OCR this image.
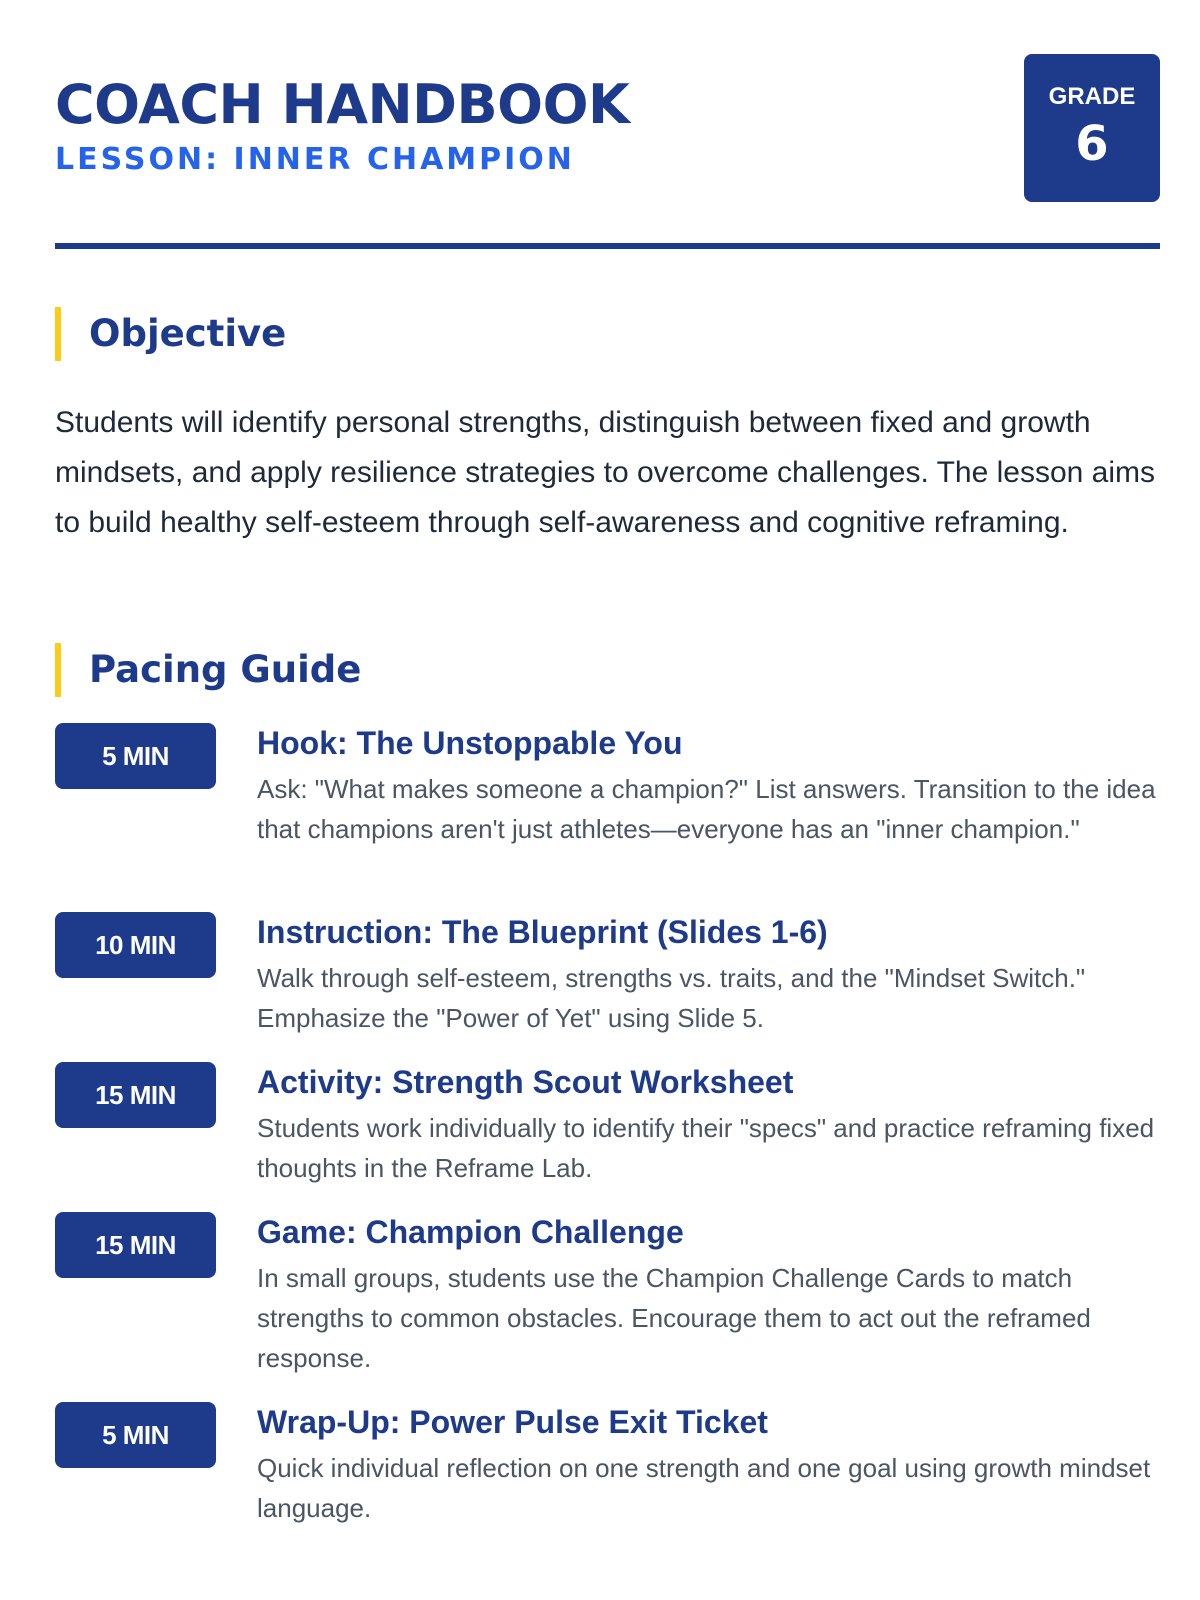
COACH HANDBOOK
LESSON: INNER CHAMPION
GRADE
6
Objective

Students will identify personal strengths, distinguish between fixed and growth mindsets, and apply resilience strategies to overcome challenges. The lesson aims to build healthy self-esteem through self-awareness and cognitive reframing.

Pacing Guide
5 MIN	Hook: The Unstoppable You

Ask: "What makes someone a champion?" List answers. Transition to the idea that champions aren't just athletes—everyone has an "inner champion."

10 MIN	Instruction: The Blueprint (Slides 1-6)

Walk through self-esteem, strengths vs. traits, and the "Mindset Switch." Emphasize the "Power of Yet" using Slide 5.

15 MIN	Activity: Strength Scout Worksheet

Students work individually to identify their "specs" and practice reframing fixed thoughts in the Reframe Lab.

15 MIN	Game: Champion Challenge

In small groups, students use the Champion Challenge Cards to match strengths to common obstacles. Encourage them to act out the reframed response.

5 MIN	Wrap-Up: Power Pulse Exit Ticket

Quick individual reflection on one strength and one goal using growth mindset language.
